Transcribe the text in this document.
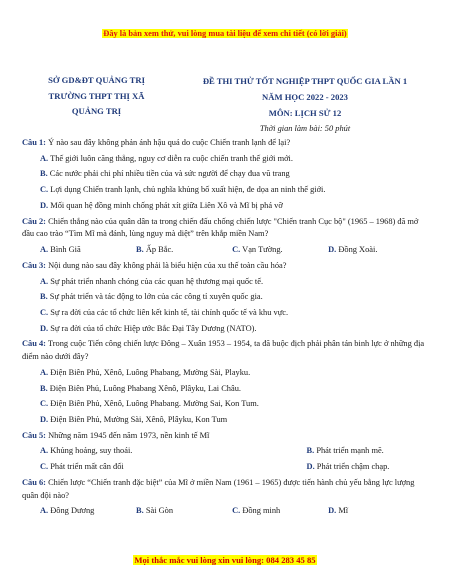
Đây là bản xem thử, vui lòng mua tài liệu để xem chi tiết (có lời giải)
SỞ GD&ĐT QUẢNG TRỊ
TRƯỜNG THPT THỊ XÃ
QUẢNG TRỊ
ĐỀ THI THỬ TỐT NGHIỆP THPT QUỐC GIA LẦN 1
NĂM HỌC 2022 - 2023
MÔN: LỊCH SỬ 12
Thời gian làm bài: 50 phút
Câu 1: Ý nào sau đây không phản ánh hậu quả do cuộc Chiến tranh lạnh để lại?
A. Thế giới luôn căng thẳng, nguy cơ diễn ra cuộc chiến tranh thế giới mới.
B. Các nước phải chi phí nhiều tiền của và sức người để chạy đua vũ trang
C. Lợi dụng Chiến tranh lạnh, chủ nghĩa khủng bố xuất hiện, đe dọa an ninh thế giới.
D. Mối quan hệ đồng minh chống phát xít giữa Liên Xô và Mĩ bị phá vỡ
Câu 2: Chiến thắng nào của quân dân ta trong chiến đấu chống chiến lược "Chiến tranh Cục bộ" (1965 – 1968) đã mở đầu cao trào “Tìm Mĩ mà đánh, lùng nguy mà diệt” trên khắp miền Nam?
A. Bình Giã	B. Ấp Bắc.	C. Vạn Tường.	D. Đồng Xoài.
Câu 3: Nội dung nào sau đây không phải là biểu hiện của xu thế toàn cầu hóa?
A. Sự phát triển nhanh chóng của các quan hệ thương mại quốc tế.
B. Sự phát triển và tác động to lớn của các công tỉ xuyên quốc gia.
C. Sự ra đời của các tổ chức liên kết kinh tế, tài chính quốc tế và khu vực.
D. Sự ra đời của tổ chức Hiệp ước Bắc Đại Tây Dương (NATO).
Câu 4: Trong cuộc Tiến công chiến lược Đông – Xuân 1953 – 1954, ta đã buộc địch phải phân tán binh lực ở những địa điểm nào dưới đây?
A. Điện Biên Phủ, Xênô, Luông Phabang, Mường Sài, Playku.
B. Điện Biên Phủ, Luông Phabang Xênô, Plâyku, Lai Châu.
C. Điện Biên Phủ, Xênô, Luông Phabang. Mường Sai, Kon Tum.
D. Điện Biên Phủ, Mường Sài, Xênô, Plâyku, Kon Tum
Câu 5: Những năm 1945 đến năm 1973, nền kinh tế Mĩ
A. Khủng hoảng, suy thoái.	B. Phát triển mạnh mẽ.
C. Phát triển mất cân đối	D. Phát triển chậm chạp.
Câu 6: Chiến lược “Chiến tranh đặc biệt” của Mĩ ở miền Nam (1961 – 1965) được tiến hành chủ yếu bằng lực lượng quân đội nào?
A. Đông Dương	B. Sài Gòn	C. Đồng minh	D. Mĩ
Mọi thắc mắc vui lòng xin vui lòng: 084 283 45 85
